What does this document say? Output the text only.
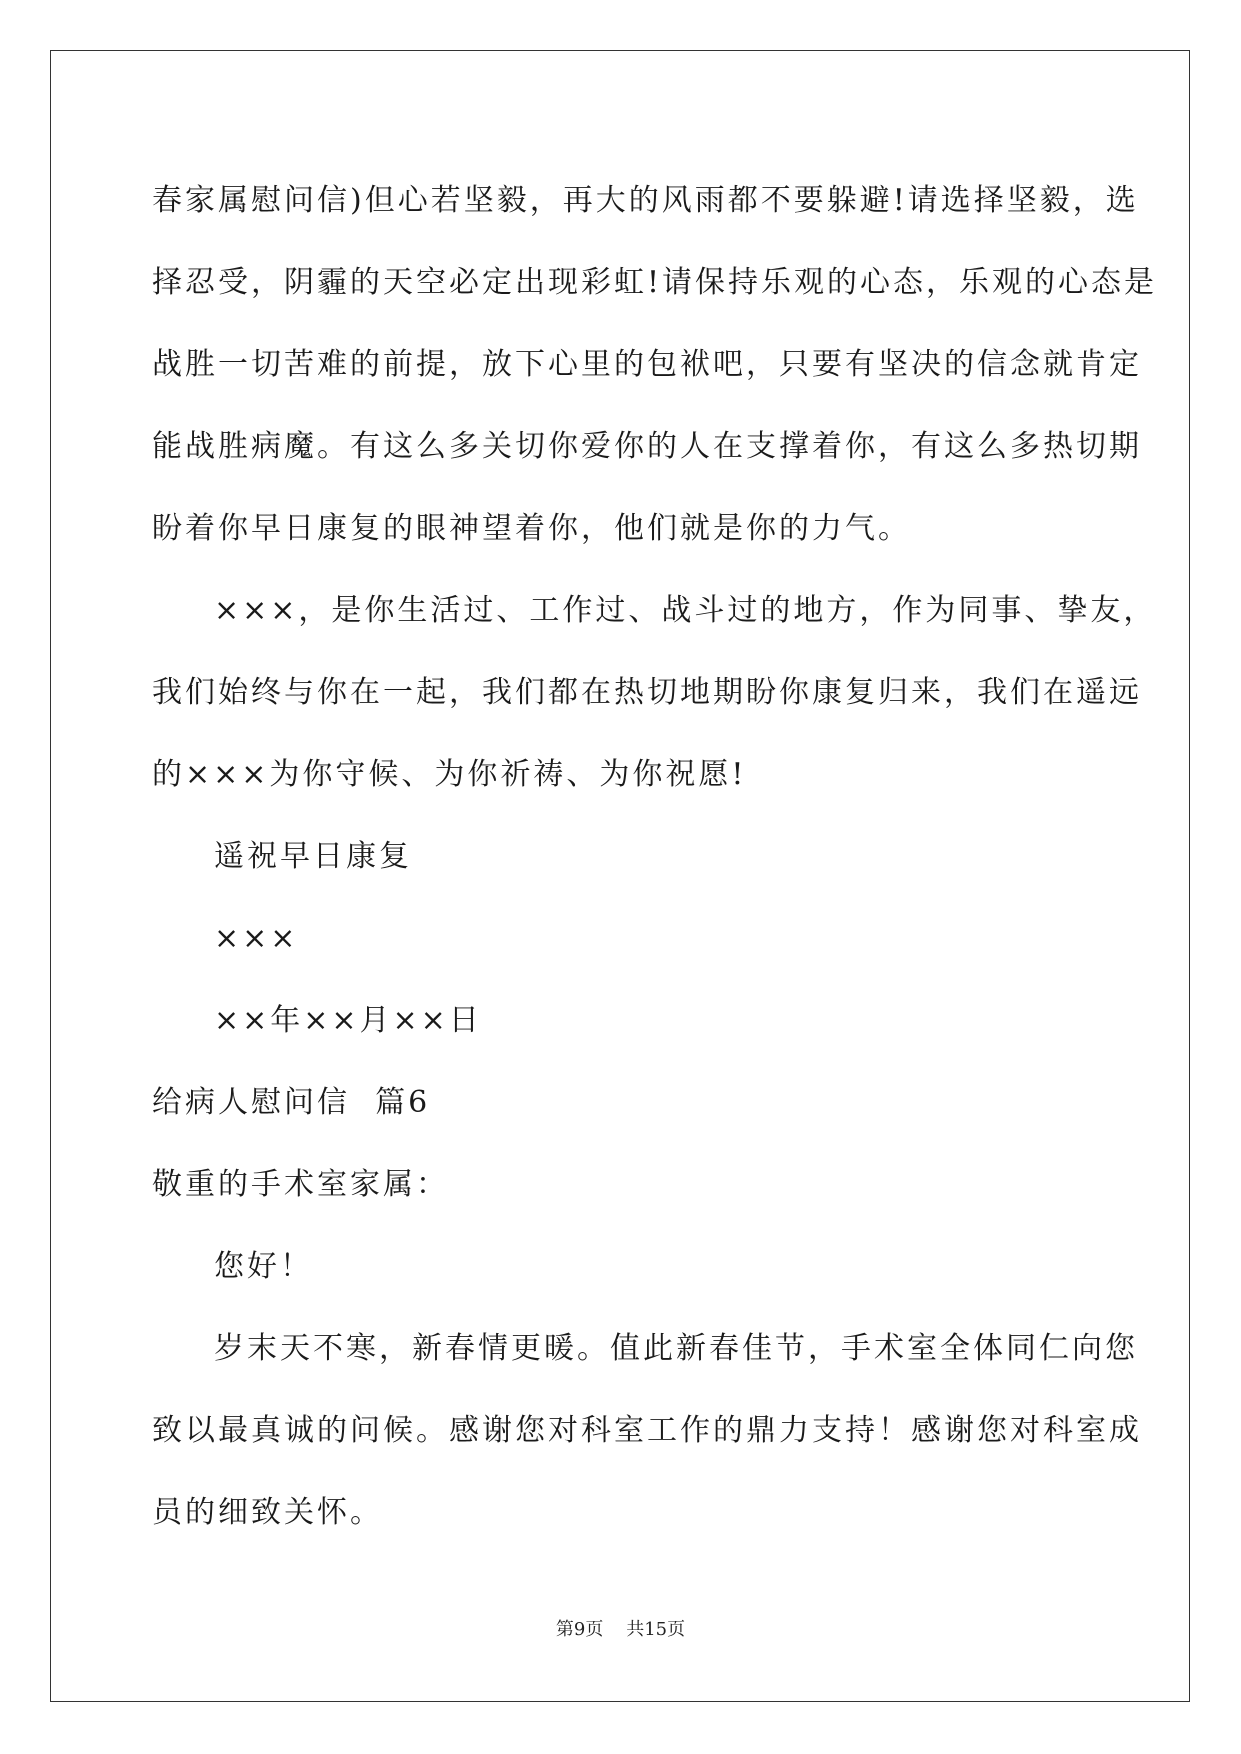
春家属慰问信)但心若坚毅，再大的风雨都不要躲避!请选择坚毅，选
择忍受，阴霾的天空必定出现彩虹!请保持乐观的心态，乐观的心态是
战胜一切苦难的前提，放下心里的包袱吧，只要有坚决的信念就肯定
能战胜病魔。有这么多关切你爱你的人在支撑着你，有这么多热切期
盼着你早日康复的眼神望着你，他们就是你的力气。
×××，是你生活过、工作过、战斗过的地方，作为同事、挚友，
我们始终与你在一起，我们都在热切地期盼你康复归来，我们在遥远
的×××为你守候、为你祈祷、为你祝愿!
遥祝早日康复
×××
××年××月××日
给病人慰问信  篇6
敬重的手术室家属：
您好！
岁末天不寒，新春情更暖。值此新春佳节，手术室全体同仁向您
致以最真诚的问候。感谢您对科室工作的鼎力支持！感谢您对科室成
员的细致关怀。
第9页    共15页
